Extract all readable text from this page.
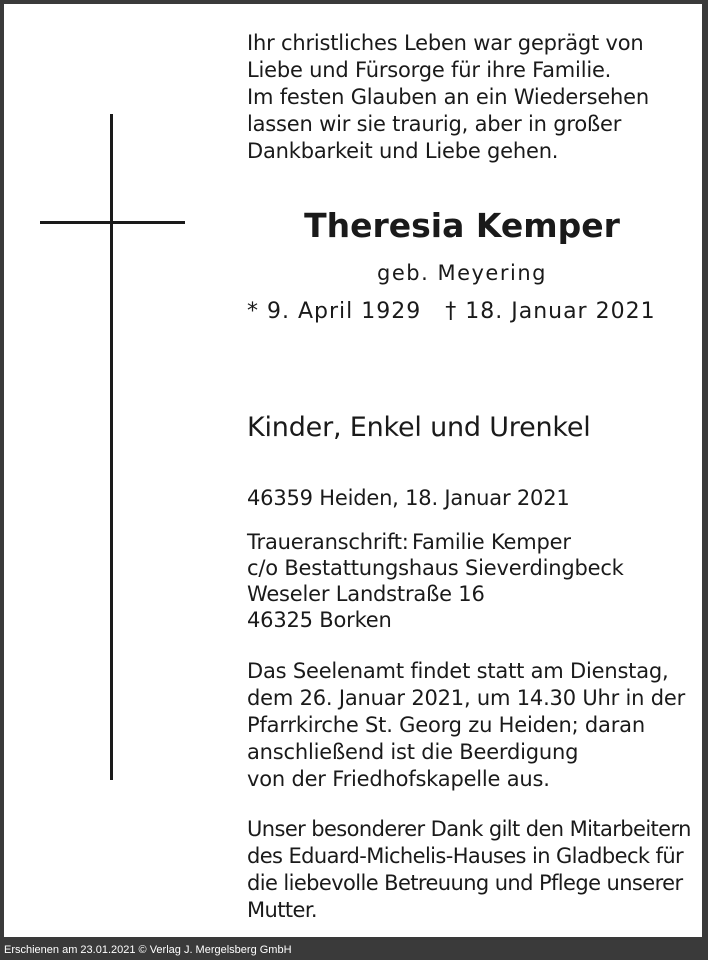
Ihr christliches Leben war geprägt von
Liebe und Fürsorge für ihre Familie.
Im festen Glauben an ein Wiedersehen
lassen wir sie traurig, aber in großer
Dankbarkeit und Liebe gehen.
Theresia Kemper
geb. Meyering
* 9. April 1929 † 18. Januar 2021
Kinder, Enkel und Urenkel
46359 Heiden, 18. Januar 2021
Traueranschrift: Familie Kemper
c/o Bestattungshaus Sieverdingbeck
Weseler Landstraße 16
46325 Borken
Das Seelenamt findet statt am Dienstag,
dem 26. Januar 2021, um 14.30 Uhr in der
Pfarrkirche St. Georg zu Heiden; daran
anschließend ist die Beerdigung
von der Friedhofskapelle aus.
Unser besonderer Dank gilt den Mitarbeitern
des Eduard-Michelis-Hauses in Gladbeck für
die liebevolle Betreuung und Pflege unserer
Mutter.
Erschienen am 23.01.2021 © Verlag J. Mergelsberg GmbH
